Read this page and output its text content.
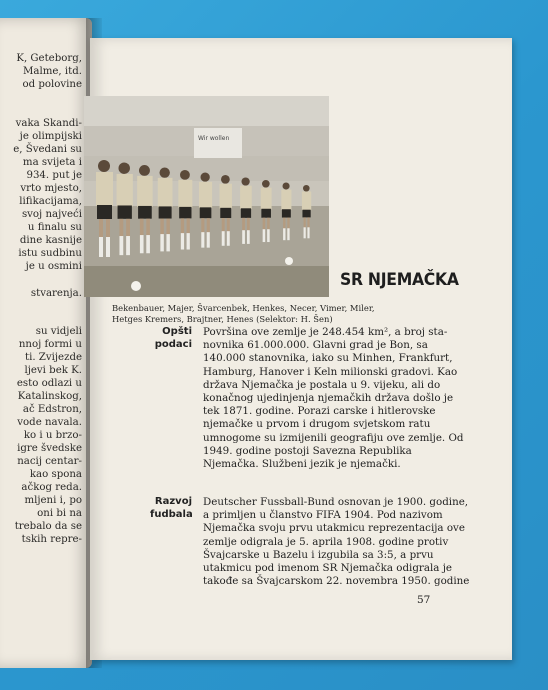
K, Geteborg,
Malme, itd.
od polovine
vaka Skandi-
je olimpijski
e, Švedani su
ma svijeta i
934. put je
vrto mjesto,
lifikacijama,
svoj najveći
u finalu su
dine kasnije
istu sudbinu
je u osmini
stvarenja.
su vidjeli
nnoj formi u
ti. Zvijezde
ljevi bek K.
esto odlazi u
Katalinskog,
ač Edstron,
vode navala.
ko i u brzo-
igre švedske
nacij centar-
kao spona
ačkog reda.
mljeni i, po
oni bi na
trebalo da se
tskih repre-
Wir wollen
Bekenbauer, Majer, Švarcenbek, Henkes, Necer, Vimer, Miler,
Hetges Kremers, Brajtner, Henes (Selektor: H. Šen)
SR NJEMAČKA
Opšti podaci
Površina ove zemlje je 248.454 km², a broj sta-
novnika 61.000.000. Glavni grad je Bon, sa
140.000 stanovnika, iako su Minhen, Frankfurt,
Hamburg, Hanover i Keln milionski gradovi. Kao
država Njemačka je postala u 9. vijeku, ali do
konačnog ujedinjenja njemačkih država došlo je
tek 1871. godine. Porazi carske i hitlerovske
njemačke u prvom i drugom svjetskom ratu
umnogome su izmijenili geografiju ove zemlje. Od
1949. godine postoji Savezna Republika
Njemačka. Službeni jezik je njemački.
Razvoj fudbala
Deutscher Fussball-Bund osnovan je 1900. godine,
a primljen u članstvo FIFA 1904. Pod nazivom
Njemačka svoju prvu utakmicu reprezentacija ove
zemlje odigrala je 5. aprila 1908. godine protiv
Švajcarske u Bazelu i izgubila sa 3:5, a prvu
utakmicu pod imenom SR Njemačka odigrala je
takođe sa Švajcarskom 22. novembra 1950. godine
57
